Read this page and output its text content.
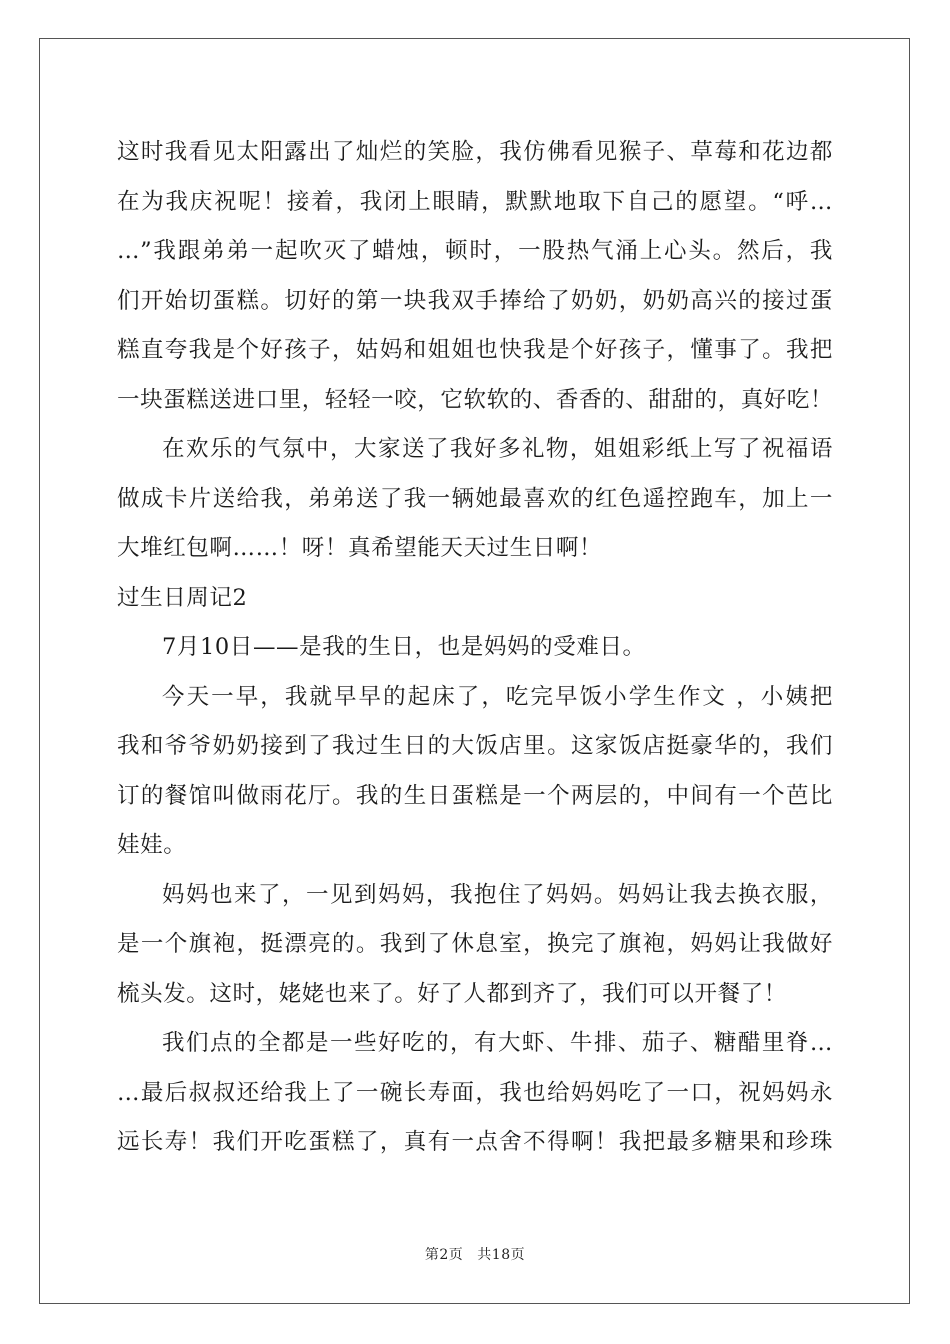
这时我看见太阳露出了灿烂的笑脸，我仿佛看见猴子、草莓和花边都
在为我庆祝呢！接着，我闭上眼睛，默默地取下自己的愿望。“呼…
…”我跟弟弟一起吹灭了蜡烛，顿时，一股热气涌上心头。然后，我
们开始切蛋糕。切好的第一块我双手捧给了奶奶，奶奶高兴的接过蛋
糕直夸我是个好孩子，姑妈和姐姐也快我是个好孩子，懂事了。我把
一块蛋糕送进口里，轻轻一咬，它软软的、香香的、甜甜的，真好吃！
在欢乐的气氛中，大家送了我好多礼物，姐姐彩纸上写了祝福语
做成卡片送给我，弟弟送了我一辆她最喜欢的红色遥控跑车，加上一
大堆红包啊……！呀！真希望能天天过生日啊！
过生日周记2
7月10日——是我的生日，也是妈妈的受难日。
今天一早，我就早早的起床了，吃完早饭小学生作文 ，小姨把
我和爷爷奶奶接到了我过生日的大饭店里。这家饭店挺豪华的，我们
订的餐馆叫做雨花厅。我的生日蛋糕是一个两层的，中间有一个芭比
娃娃。
妈妈也来了，一见到妈妈，我抱住了妈妈。妈妈让我去换衣服，
是一个旗袍，挺漂亮的。我到了休息室，换完了旗袍，妈妈让我做好
梳头发。这时，姥姥也来了。好了人都到齐了，我们可以开餐了！
我们点的全都是一些好吃的，有大虾、牛排、茄子、糖醋里脊…
…最后叔叔还给我上了一碗长寿面，我也给妈妈吃了一口，祝妈妈永
远长寿！我们开吃蛋糕了，真有一点舍不得啊！我把最多糖果和珍珠
第2页 共18页
